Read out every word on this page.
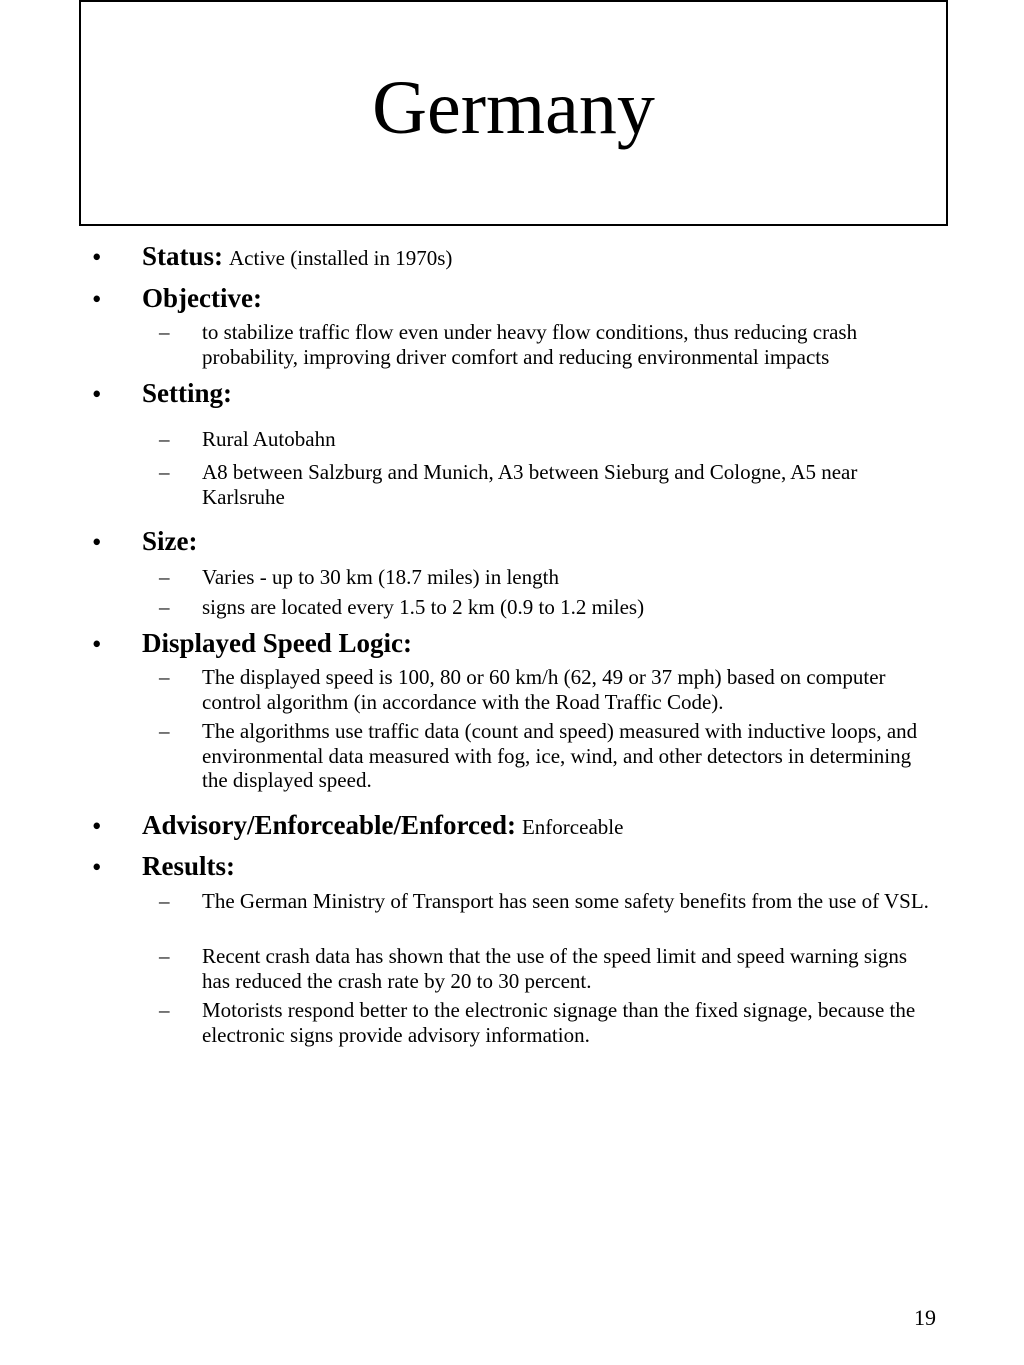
Germany
• Status: Active (installed in 1970s)
• Objective:
– to stabilize traffic flow even under heavy flow conditions, thus reducing crash probability, improving driver comfort and reducing environmental impacts
• Setting:
– Rural Autobahn
– A8 between Salzburg and Munich, A3 between Sieburg and Cologne, A5 near Karlsruhe
• Size:
– Varies - up to 30 km (18.7 miles) in length
– signs are located every 1.5 to 2 km (0.9 to 1.2 miles)
• Displayed Speed Logic:
– The displayed speed is 100, 80 or 60 km/h (62, 49 or 37 mph) based on computer control algorithm (in accordance with the Road Traffic Code).
– The algorithms use traffic data (count and speed) measured with inductive loops, and environmental data measured with fog, ice, wind, and other detectors in determining the displayed speed.
• Advisory/Enforceable/Enforced: Enforceable
• Results:
– The German Ministry of Transport has seen some safety benefits from the use of VSL.
– Recent crash data has shown that the use of the speed limit and speed warning signs has reduced the crash rate by 20 to 30 percent.
– Motorists respond better to the electronic signage than the fixed signage, because the electronic signs provide advisory information.
19
